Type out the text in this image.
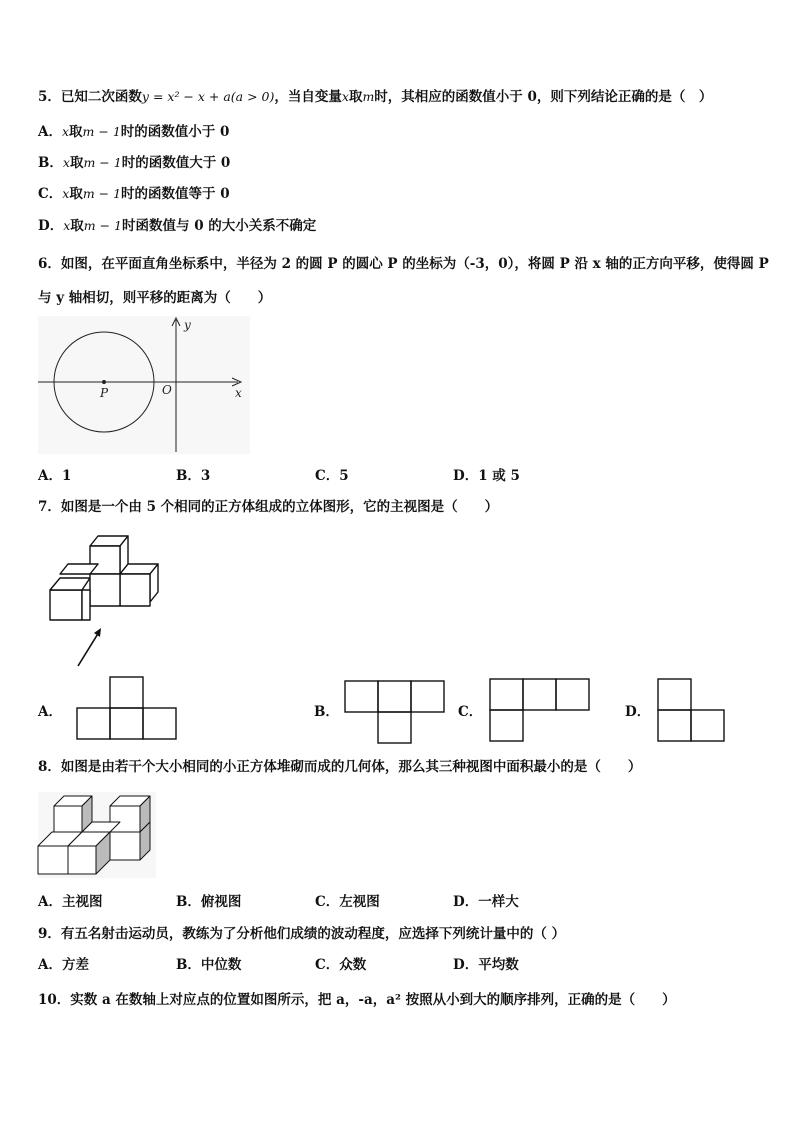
5．已知二次函数y = x² − x + a(a > 0)，当自变量x取m时，其相应的函数值小于 0，则下列结论正确的是（　）
A．x取m − 1时的函数值小于 0
B．x取m − 1时的函数值大于 0
C．x取m − 1时的函数值等于 0
D．x取m − 1时函数值与 0 的大小关系不确定
6．如图，在平面直角坐标系中，半径为 2 的圆 P 的圆心 P 的坐标为（-3，0），将圆 P 沿 x 轴的正方向平移，使得圆 P
与 y 轴相切，则平移的距离为（　　）
y
x
O
P
A．1	B．3	C．5	D．1 或 5
7．如图是一个由 5 个相同的正方体组成的立体图形，它的主视图是（　　）
A．	B．	C．	D．
8．如图是由若干个大小相同的小正方体堆砌而成的几何体，那么其三种视图中面积最小的是（　　）
A．主视图	B．俯视图	C．左视图	D．一样大
9．有五名射击运动员，教练为了分析他们成绩的波动程度，应选择下列统计量中的（ ）
A．方差	B．中位数	C．众数	D．平均数
10．实数 a 在数轴上对应点的位置如图所示，把 a，-a，a² 按照从小到大的顺序排列，正确的是（　　）
